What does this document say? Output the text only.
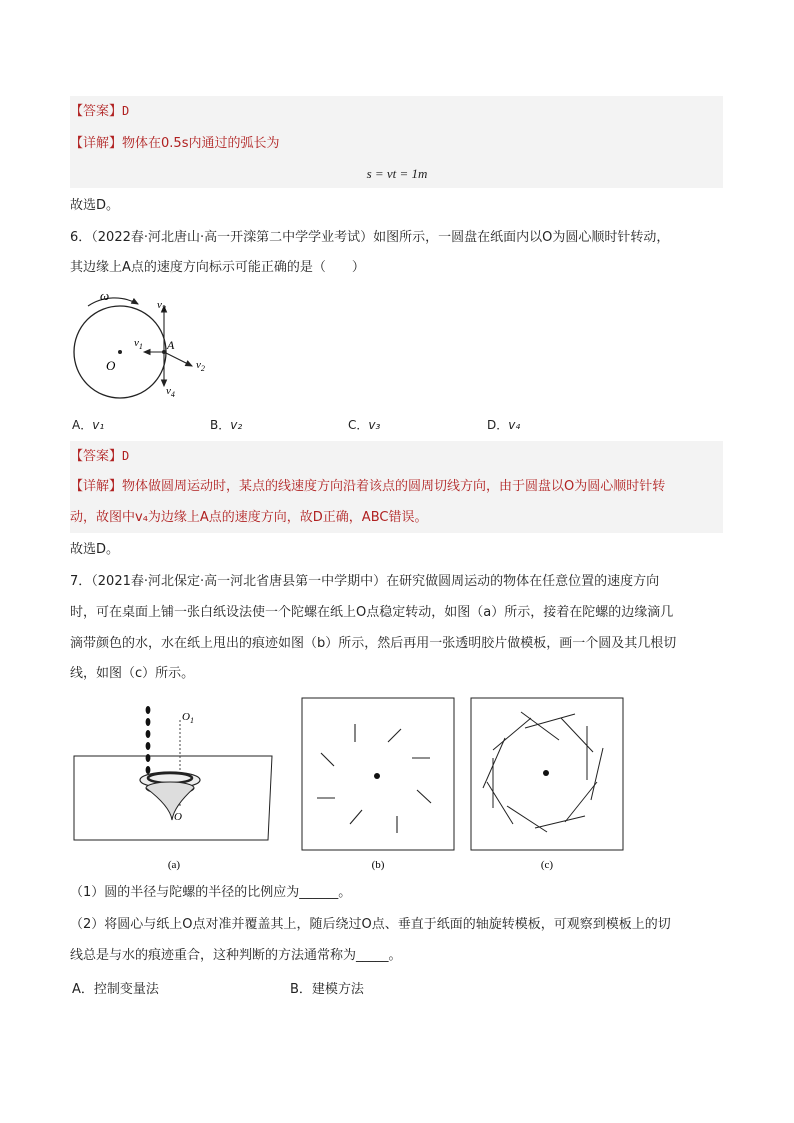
【答案】D
【详解】物体在0.5s内通过的弧长为
s = vt = 1m
故选D。
6．（2022春·河北唐山·高一开滦第二中学学业考试）如图所示，一圆盘在纸面内以O为圆心顺时针转动，
其边缘上A点的速度方向标示可能正确的是（　　）
ω
O
A
$v_1$
$v_2$
$v_3$
$v_4$
A．v₁	B．v₂	C．v₃	D．v₄
【答案】D
【详解】物体做圆周运动时，某点的线速度方向沿着该点的圆周切线方向，由于圆盘以O为圆心顺时针转
动，故图中v₄为边缘上A点的速度方向，故D正确，ABC错误。
故选D。
7．（2021春·河北保定·高一河北省唐县第一中学期中）在研究做圆周运动的物体在任意位置的速度方向
时，可在桌面上铺一张白纸设法使一个陀螺在纸上O点稳定转动，如图（a）所示，接着在陀螺的边缘滴几
滴带颜色的水，水在纸上甩出的痕迹如图（b）所示，然后再用一张透明胶片做模板，画一个圆及其几根切
线，如图（c）所示。
$O_1$
O
(a)	(b)	(c)
（1）圆的半径与陀螺的半径的比例应为______。
（2）将圆心与纸上O点对准并覆盖其上，随后绕过O点、垂直于纸面的轴旋转模板，可观察到模板上的切
线总是与水的痕迹重合，这种判断的方法通常称为_____。
A．控制变量法	B．建模方法
